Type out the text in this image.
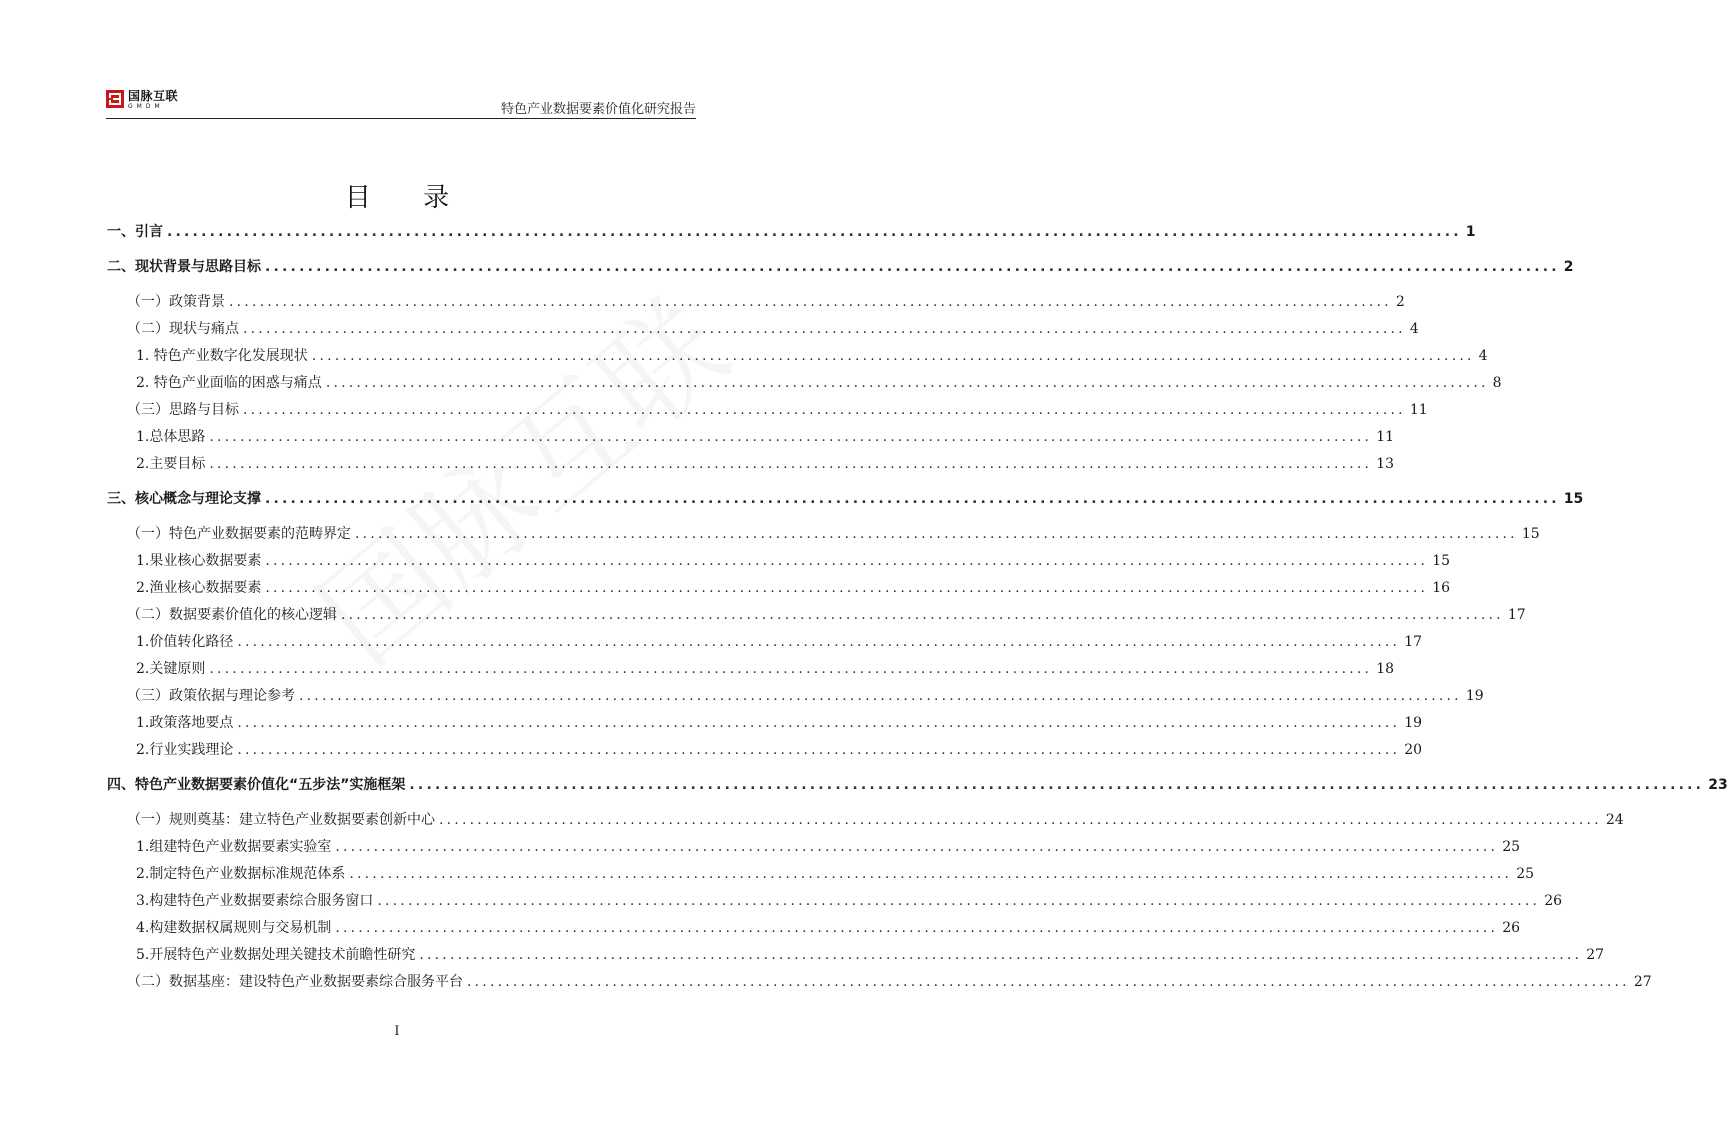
国脉互联
GMDM	特色产业数据要素价值化研究报告
国脉互联
目 录
一、引言 .....	1
二、现状背景与思路目标 .....	2
（一）政策背景 .....	2
（二）现状与痛点 .....	4
1. 特色产业数字化发展现状 .....	4
2. 特色产业面临的困惑与痛点 .....	8
（三）思路与目标 .....	11
1.总体思路 .....	11
2.主要目标 .....	13
三、核心概念与理论支撑 .....	15
（一）特色产业数据要素的范畴界定 .....	15
1.果业核心数据要素 .....	15
2.渔业核心数据要素 .....	16
（二）数据要素价值化的核心逻辑 .....	17
1.价值转化路径 .....	17
2.关键原则 .....	18
（三）政策依据与理论参考 .....	19
1.政策落地要点 .....	19
2.行业实践理论 .....	20
四、特色产业数据要素价值化“五步法”实施框架 .....	23
（一）规则奠基：建立特色产业数据要素创新中心 .....	24
1.组建特色产业数据要素实验室 .....	25
2.制定特色产业数据标准规范体系 .....	25
3.构建特色产业数据要素综合服务窗口 .....	26
4.构建数据权属规则与交易机制 .....	26
5.开展特色产业数据处理关键技术前瞻性研究 .....	27
（二）数据基座：建设特色产业数据要素综合服务平台 .....	27
I
